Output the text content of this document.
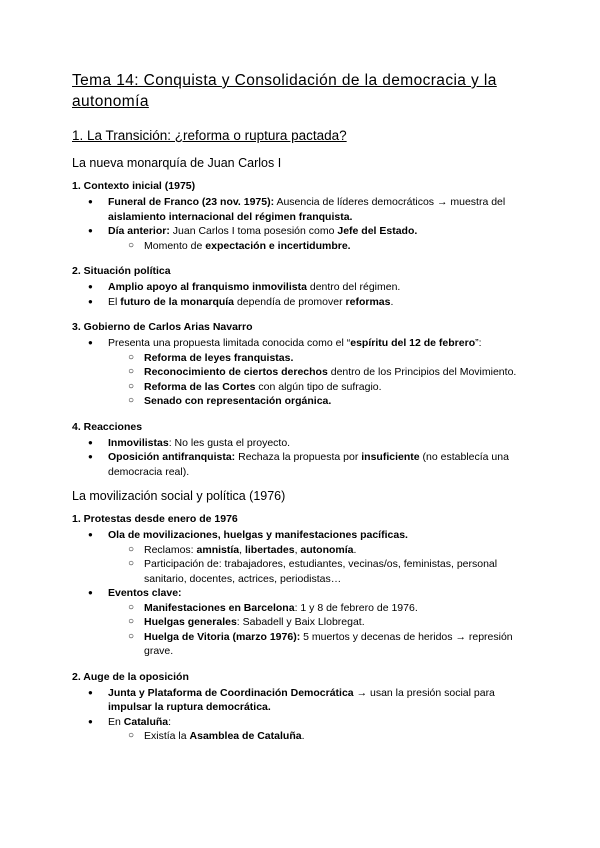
Tema 14: Conquista y Consolidación de la democracia y la autonomía
1. La Transición: ¿reforma o ruptura pactada?
La nueva monarquía de Juan Carlos I
1. Contexto inicial (1975)
● Funeral de Franco (23 nov. 1975): Ausencia de líderes democráticos → muestra del aislamiento internacional del régimen franquista.
● Día anterior: Juan Carlos I toma posesión como Jefe del Estado.
○ Momento de expectación e incertidumbre.
2. Situación política
● Amplio apoyo al franquismo inmovilista dentro del régimen.
● El futuro de la monarquía dependía de promover reformas.
3. Gobierno de Carlos Arias Navarro
● Presenta una propuesta limitada conocida como el “espíritu del 12 de febrero”:
○ Reforma de leyes franquistas.
○ Reconocimiento de ciertos derechos dentro de los Principios del Movimiento.
○ Reforma de las Cortes con algún tipo de sufragio.
○ Senado con representación orgánica.
4. Reacciones
● Inmovilistas: No les gusta el proyecto.
● Oposición antifranquista: Rechaza la propuesta por insuficiente (no establecía una democracia real).
La movilización social y política (1976)
1. Protestas desde enero de 1976
● Ola de movilizaciones, huelgas y manifestaciones pacíficas.
○ Reclamos: amnistía, libertades, autonomía.
○ Participación de: trabajadores, estudiantes, vecinas/os, feministas, personal sanitario, docentes, actrices, periodistas…
● Eventos clave:
○ Manifestaciones en Barcelona: 1 y 8 de febrero de 1976.
○ Huelgas generales: Sabadell y Baix Llobregat.
○ Huelga de Vitoria (marzo 1976): 5 muertos y decenas de heridos → represión grave.
2. Auge de la oposición
● Junta y Plataforma de Coordinación Democrática → usan la presión social para impulsar la ruptura democrática.
● En Cataluña:
○ Existía la Asamblea de Cataluña.
